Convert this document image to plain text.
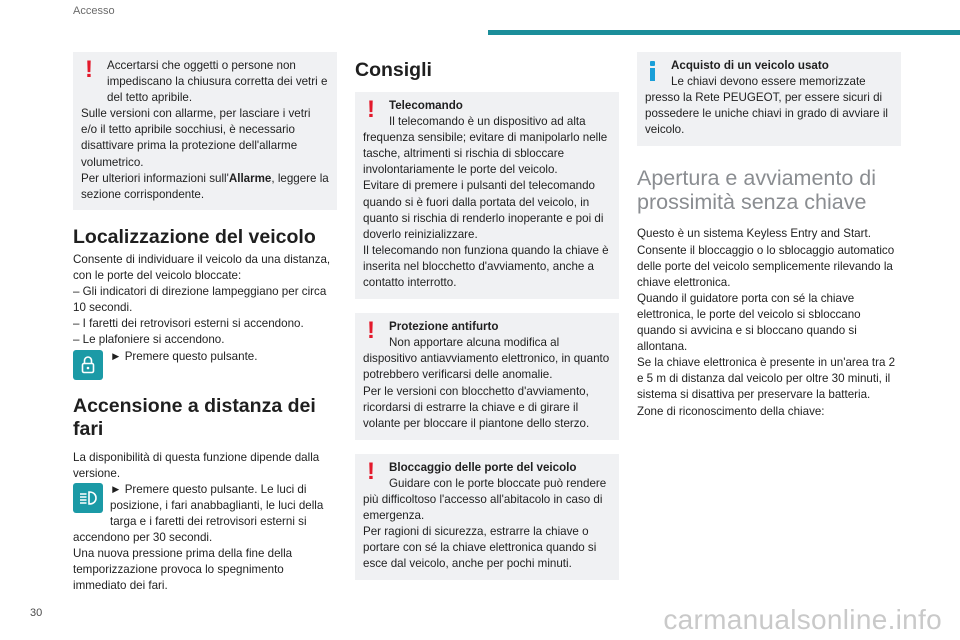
Accesso
!	Accertarsi che oggetti o persone non impediscano la chiusura corretta dei vetri e del tetto apribile.

Sulle versioni con allarme, per lasciare i vetri e/o il tetto apribile socchiusi, è necessario disattivare prima la protezione dell'allarme volumetrico.

Per ulteriori informazioni sull'Allarme, leggere la sezione corrispondente.

Localizzazione del veicolo

Consente di individuare il veicolo da una distanza, con le porte del veicolo bloccate:

– Gli indicatori di direzione lampeggiano per circa 10 secondi.

– I faretti dei retrovisori esterni si accendono.

– Le plafoniere si accendono.

► Premere questo pulsante.

Accensione a distanza dei fari

La disponibilità di questa funzione dipende dalla versione.

► Premere questo pulsante. Le luci di posizione, i fari anabbaglianti, le luci della targa e i faretti dei retrovisori esterni si accendono per 30 secondi.

Una nuova pressione prima della fine della temporizzazione provoca lo spegnimento immediato dei fari.

Consigli
!	Telecomando

Il telecomando è un dispositivo ad alta frequenza sensibile; evitare di manipolarlo nelle tasche, altrimenti si rischia di sbloccare involontariamente le porte del veicolo.

Evitare di premere i pulsanti del telecomando quando si è fuori dalla portata del veicolo, in quanto si rischia di renderlo inoperante e poi di doverlo reinizializzare.

Il telecomando non funziona quando la chiave è inserita nel blocchetto d'avviamento, anche a contatto interrotto.

!	Protezione antifurto

Non apportare alcuna modifica al dispositivo antiavviamento elettronico, in quanto potrebbero verificarsi delle anomalie.

Per le versioni con blocchetto d'avviamento, ricordarsi di estrarre la chiave e di girare il volante per bloccare il piantone dello sterzo.

!	Bloccaggio delle porte del veicolo

Guidare con le porte bloccate può rendere più difficoltoso l'accesso all'abitacolo in caso di emergenza.

Per ragioni di sicurezza, estrarre la chiave o portare con sé la chiave elettronica quando si esce dal veicolo, anche per pochi minuti.

Acquisto di un veicolo usato

Le chiavi devono essere memorizzate presso la Rete PEUGEOT, per essere sicuri di possedere le uniche chiavi in grado di avviare il veicolo.

Apertura e avviamento di prossimità senza chiave

Questo è un sistema Keyless Entry and Start.

Consente il bloccaggio o lo sblocaggio automatico delle porte del veicolo semplicemente rilevando la chiave elettronica.

Quando il guidatore porta con sé la chiave elettronica, le porte del veicolo si sbloccano quando si avvicina e si bloccano quando si allontana.

Se la chiave elettronica è presente in un'area tra 2 e 5 m di distanza dal veicolo per oltre 30 minuti, il sistema si disattiva per preservare la batteria.

Zone di riconoscimento della chiave:

30	carmanualsonline.info
